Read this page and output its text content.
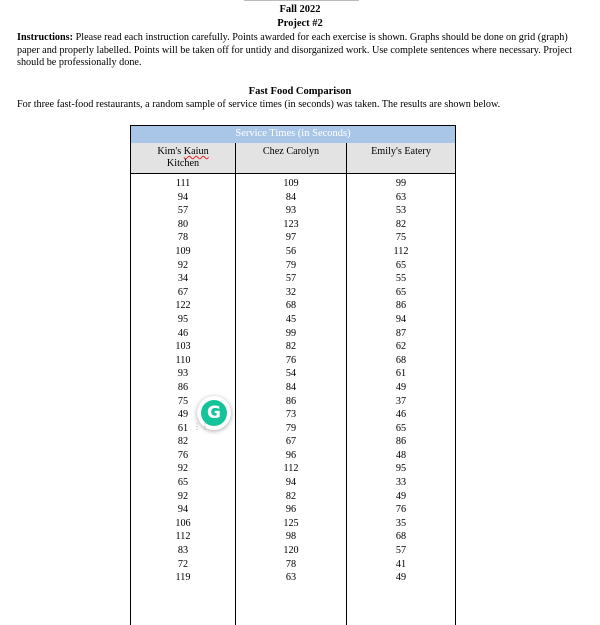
Fall 2022
Project #2
Instructions: Please read each instruction carefully. Points awarded for each exercise is shown. Graphs should be done on grid (graph) paper and properly labelled. Points will be taken off for untidy and disorganized work. Use complete sentences where necessary. Project should be professionally done.
Fast Food Comparison
For three fast-food restaurants, a random sample of service times (in seconds) was taken. The results are shown below.
Service Times (in Seconds)
Kim's Kaiun
Kitchen
Chez Carolyn	Emily's Eatery
111
94
57
80
78
109
92
34
67
122
95
46
103
110
93
86
75
49
61
82
76
92
65
92
94
106
112
83
72
119
109
84
93
123
97
56
79
57
32
68
45
99
82
76
54
84
86
73
79
67
96
112
94
82
96
125
98
120
78
63
99
63
53
82
75
112
65
55
65
86
94
87
62
68
61
49
37
46
65
86
48
95
33
49
76
35
68
57
41
49
G
⋮⋮
